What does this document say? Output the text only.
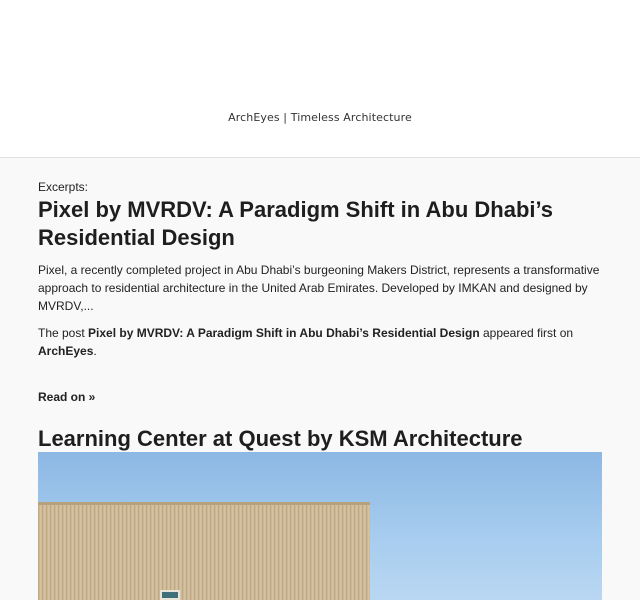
ArchEyes | Timeless Architecture
Excerpts:
Pixel by MVRDV: A Paradigm Shift in Abu Dhabi’s Residential Design

Pixel, a recently completed project in Abu Dhabi’s burgeoning Makers District, represents a transformative approach to residential architecture in the United Arab Emirates. Developed by IMKAN and designed by MVRDV,...

The post Pixel by MVRDV: A Paradigm Shift in Abu Dhabi’s Residential Design appeared first on ArchEyes.

Read on »
Learning Center at Quest by KSM Architecture
